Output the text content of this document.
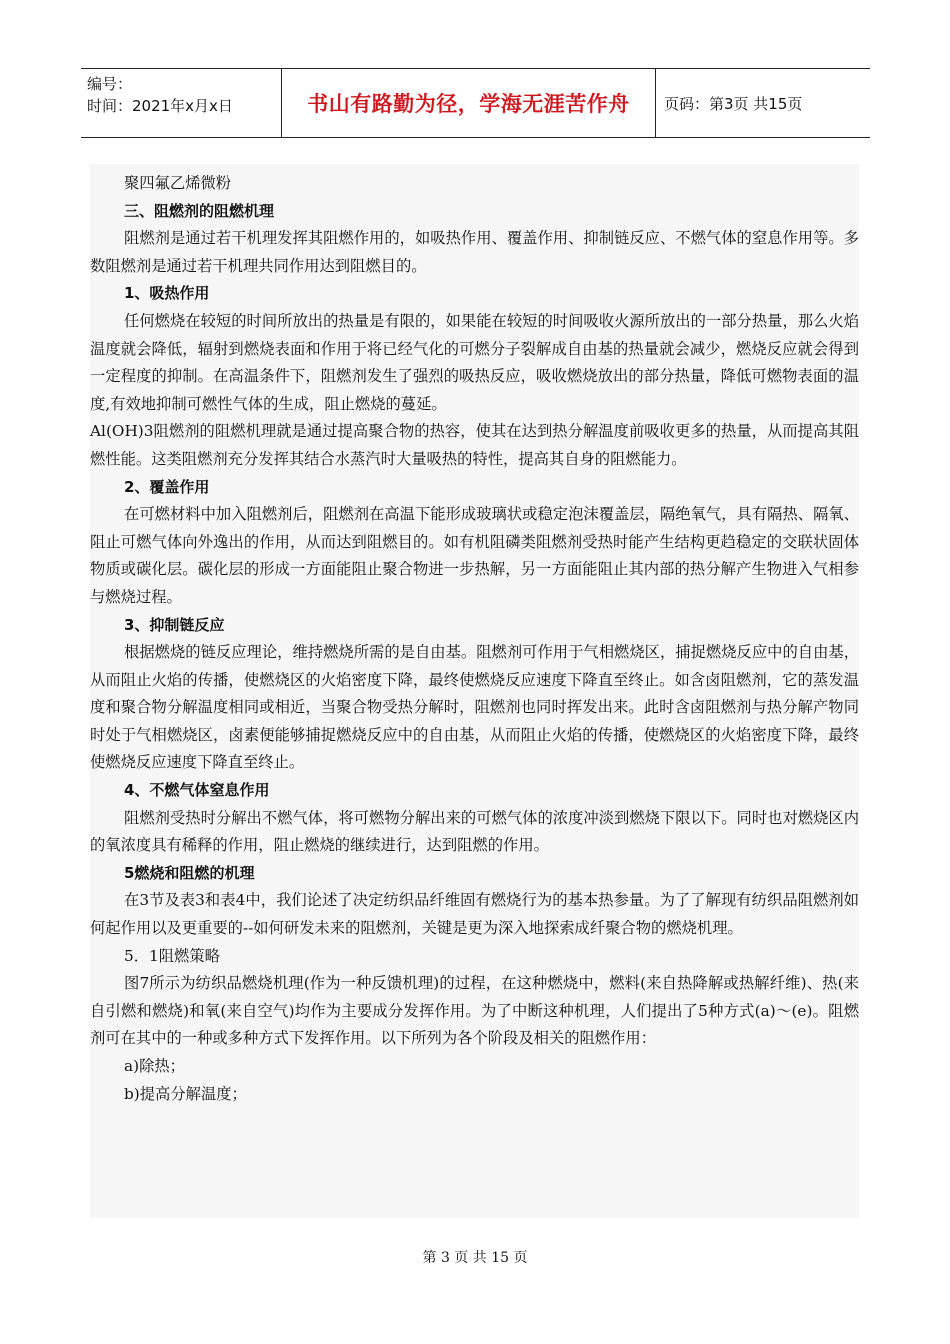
编号：
时间：2021年x月x日	书山有路勤为径，学海无涯苦作舟	页码：第3页 共15页

聚四氟乙烯微粉

三、阻燃剂的阻燃机理

阻燃剂是通过若干机理发挥其阻燃作用的，如吸热作用、覆盖作用、抑制链反应、不燃气体的窒息作用等。多数阻燃剂是通过若干机理共同作用达到阻燃目的。

1、吸热作用

任何燃烧在较短的时间所放出的热量是有限的，如果能在较短的时间吸收火源所放出的一部分热量，那么火焰温度就会降低，辐射到燃烧表面和作用于将已经气化的可燃分子裂解成自由基的热量就会减少，燃烧反应就会得到一定程度的抑制。在高温条件下，阻燃剂发生了强烈的吸热反应，吸收燃烧放出的部分热量，降低可燃物表面的温度,有效地抑制可燃性气体的生成，阻止燃烧的蔓延。

Al(OH)3阻燃剂的阻燃机理就是通过提高聚合物的热容，使其在达到热分解温度前吸收更多的热量，从而提高其阻燃性能。这类阻燃剂充分发挥其结合水蒸汽时大量吸热的特性，提高其自身的阻燃能力。

2、覆盖作用

在可燃材料中加入阻燃剂后，阻燃剂在高温下能形成玻璃状或稳定泡沫覆盖层，隔绝氧气，具有隔热、隔氧、阻止可燃气体向外逸出的作用，从而达到阻燃目的。如有机阻磷类阻燃剂受热时能产生结构更趋稳定的交联状固体物质或碳化层。碳化层的形成一方面能阻止聚合物进一步热解，另一方面能阻止其内部的热分解产生物进入气相参与燃烧过程。

3、抑制链反应

根据燃烧的链反应理论，维持燃烧所需的是自由基。阻燃剂可作用于气相燃烧区，捕捉燃烧反应中的自由基，从而阻止火焰的传播，使燃烧区的火焰密度下降，最终使燃烧反应速度下降直至终止。如含卤阻燃剂，它的蒸发温度和聚合物分解温度相同或相近，当聚合物受热分解时，阻燃剂也同时挥发出来。此时含卤阻燃剂与热分解产物同时处于气相燃烧区，卤素便能够捕捉燃烧反应中的自由基，从而阻止火焰的传播，使燃烧区的火焰密度下降，最终使燃烧反应速度下降直至终止。

4、不燃气体窒息作用

阻燃剂受热时分解出不燃气体，将可燃物分解出来的可燃气体的浓度冲淡到燃烧下限以下。同时也对燃烧区内的氧浓度具有稀释的作用，阻止燃烧的继续进行，达到阻燃的作用。

5燃烧和阻燃的机理

在3节及表3和表4中，我们论述了决定纺织品纤维固有燃烧行为的基本热参量。为了了解现有纺织品阻燃剂如何起作用以及更重要的--如何研发未来的阻燃剂，关键是更为深入地探索成纤聚合物的燃烧机理。

5．1阻燃策略

图7所示为纺织品燃烧机理(作为一种反馈机理)的过程，在这种燃烧中，燃料(来自热降解或热解纤维)、热(来自引燃和燃烧)和氧(来自空气)均作为主要成分发挥作用。为了中断这种机理，人们提出了5种方式(a)～(e)。阻燃剂可在其中的一种或多种方式下发挥作用。以下所列为各个阶段及相关的阻燃作用：

a)除热；

b)提高分解温度；

第 3 页 共 15 页
